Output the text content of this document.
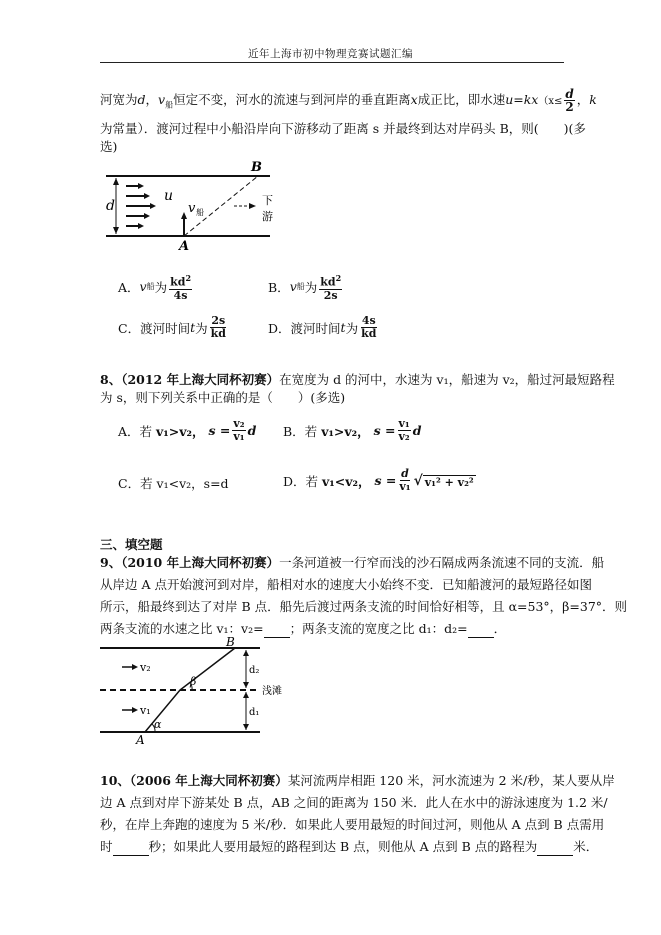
近年上海市初中物理竞赛试题汇编
河宽为d，$v_船$恒定不变，河水的流速与到河岸的垂直距离x成正比，即水速$u=kx(x\le \frac{d}{2}$ ，k
为常量）．渡河过程中小船沿岸向下游移动了距离 s 并最终到达对岸码头 B，则(　　)(多
选)
d
u
v 船
B
A
下
游
A． v 船 为 $\frac{kd^2}{4s}$	B． v 船 为 $\frac{kd^2}{2s}$
C．渡河时间 t 为 $\frac{2s}{kd}$	D．渡河时间 t 为 $\frac{4s}{kd}$
8、（2012 年上海大同杯初赛）在宽度为 d 的河中，水速为 v₁，船速为 v₂，船过河最短路程
为 s，则下列关系中正确的是（　　）(多选)
A．若 v₁>v₂， $s = \frac{\text{v₂}}{\text{v₁}}$ d B．若 v₁>v₂， $s = \frac{\text{v₁}}{\text{v₂}}$ d
C．若 v₁<v₂，s=d	D．若 v₁<v₂， $s = \frac{d}{\text{v₁}}$ √ v₁² + v₂²
三、填空题
9、（2010 年上海大同杯初赛）一条河道被一行窄而浅的沙石隔成两条流速不同的支流．船
从岸边 A 点开始渡河到对岸，船相对水的速度大小始终不变．已知船渡河的最短路径如图
所示，船最终到达了对岸 B 点．船先后渡过两条支流的时间恰好相等，且 α=53°，β=37°．则
两条支流的水速之比 v₁：v₂= ；两条支流的宽度之比 d₁：d₂= ．
v₂
v₁
α
β
B
A
d₂
d₁
浅滩
10、（2006 年上海大同杯初赛）某河流两岸相距 120 米，河水流速为 2 米/秒，某人要从岸
边 A 点到对岸下游某处 B 点，AB 之间的距离为 150 米．此人在水中的游泳速度为 1.2 米/
秒，在岸上奔跑的速度为 5 米/秒．如果此人要用最短的时间过河，则他从 A 点到 B 点需用
时	秒；如果此人要用最短的路程到达 B 点，则他从 A 点到 B 点的路程为	米．
